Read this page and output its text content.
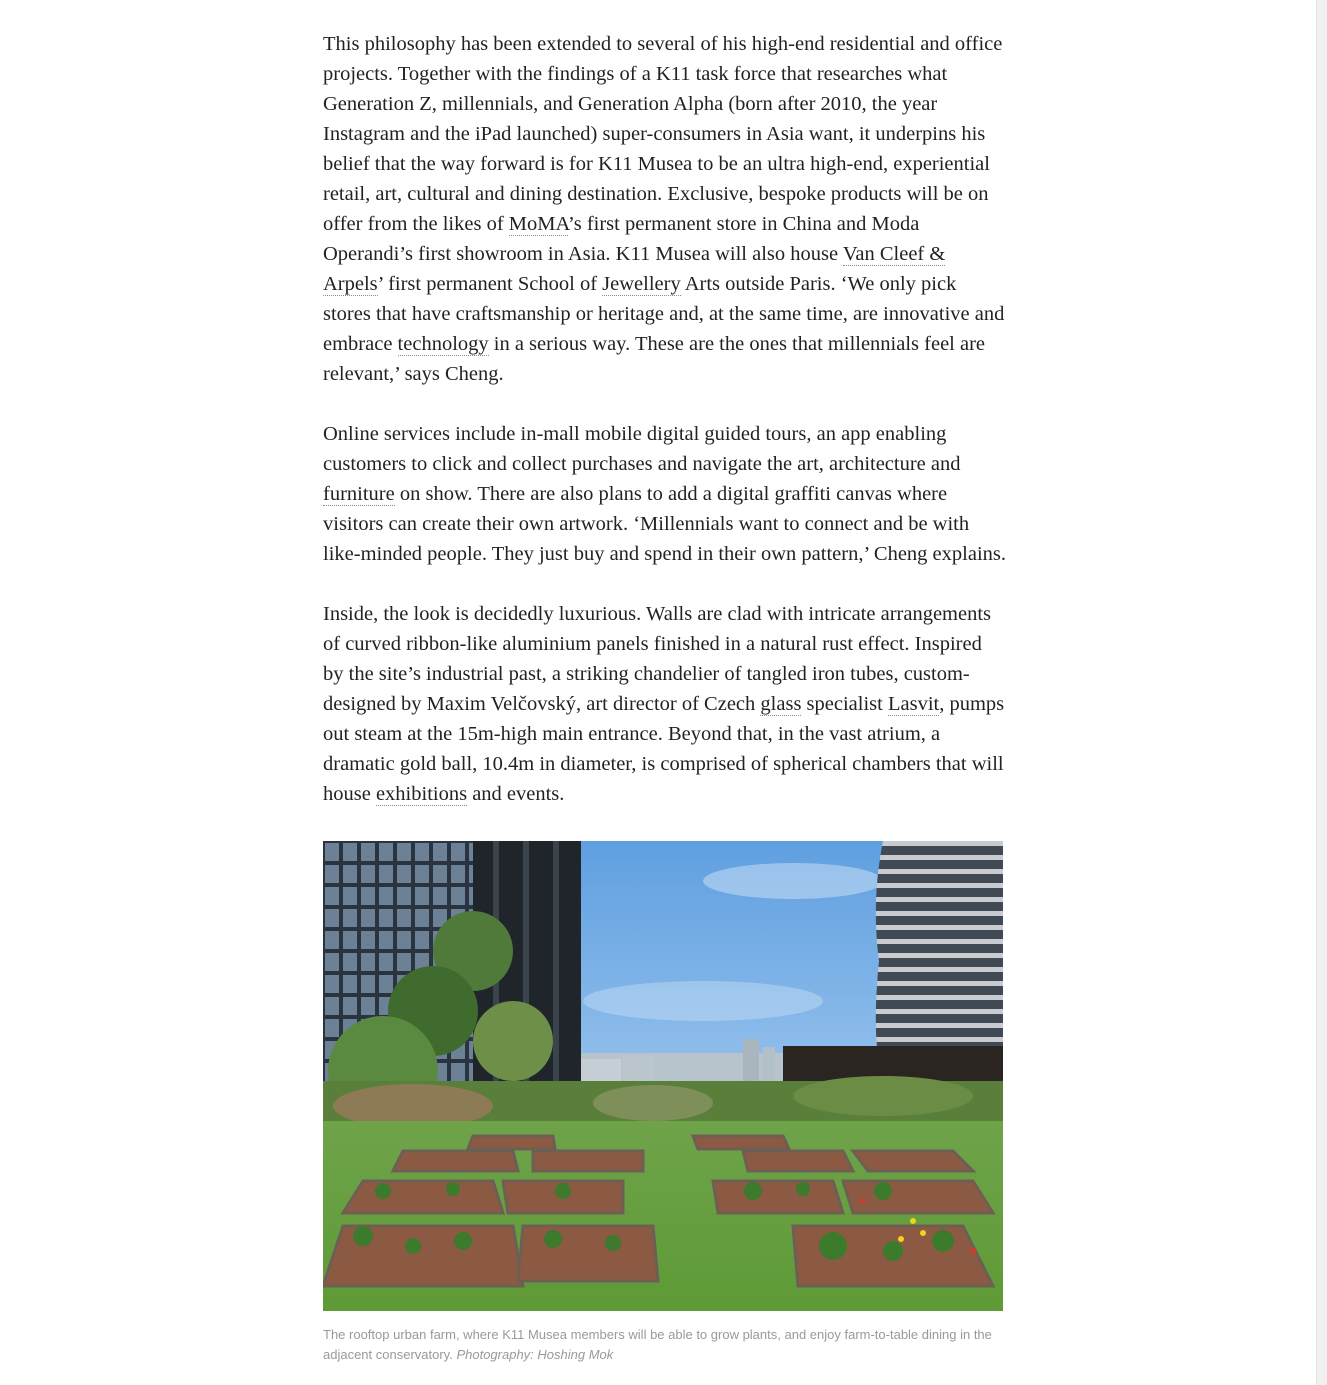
This philosophy has been extended to several of his high-end residential and office projects. Together with the findings of a K11 task force that researches what Generation Z, millennials, and Generation Alpha (born after 2010, the year Instagram and the iPad launched) super-consumers in Asia want, it underpins his belief that the way forward is for K11 Musea to be an ultra high-end, experiential retail, art, cultural and dining destination. Exclusive, bespoke products will be on offer from the likes of MoMA’s first permanent store in China and Moda Operandi’s first showroom in Asia. K11 Musea will also house Van Cleef & Arpels’ first permanent School of Jewellery Arts outside Paris. ‘We only pick stores that have craftsmanship or heritage and, at the same time, are innovative and embrace technology in a serious way. These are the ones that millennials feel are relevant,’ says Cheng.

Online services include in-mall mobile digital guided tours, an app enabling customers to click and collect purchases and navigate the art, architecture and furniture on show. There are also plans to add a digital graffiti canvas where visitors can create their own artwork. ‘Millennials want to connect and be with like-minded people. They just buy and spend in their own pattern,’ Cheng explains.

Inside, the look is decidedly luxurious. Walls are clad with intricate arrangements of curved ribbon-like aluminium panels finished in a natural rust effect. Inspired by the site’s industrial past, a striking chandelier of tangled iron tubes, custom-designed by Maxim Velčovský, art director of Czech glass specialist Lasvit, pumps out steam at the 15m-high main entrance. Beyond that, in the vast atrium, a dramatic gold ball, 10.4m in diameter, is comprised of spherical chambers that will house exhibitions and events.

The rooftop urban farm, where K11 Musea members will be able to grow plants, and enjoy farm-to-table dining in the adjacent conservatory. Photography: Hoshing Mok
